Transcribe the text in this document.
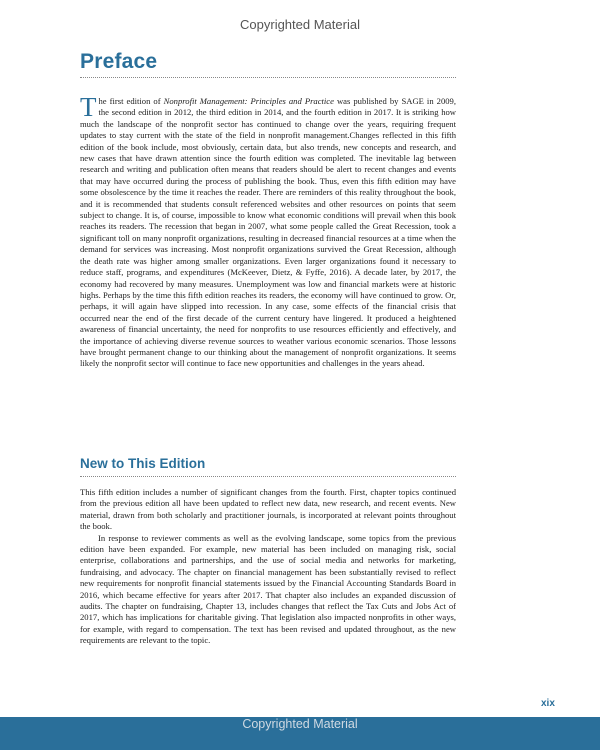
Copyrighted Material
Preface
The first edition of Nonprofit Management: Principles and Practice was published by SAGE in 2009, the second edition in 2012, the third edition in 2014, and the fourth edition in 2017. It is striking how much the landscape of the nonprofit sector has continued to change over the years, requiring frequent updates to stay current with the state of the field in nonprofit management.Changes reflected in this fifth edition of the book include, most obviously, certain data, but also trends, new concepts and research, and new cases that have drawn attention since the fourth edition was completed. The inevitable lag between research and writing and publication often means that readers should be alert to recent changes and events that may have occurred during the process of publishing the book. Thus, even this fifth edition may have some obsolescence by the time it reaches the reader. There are reminders of this reality throughout the book, and it is recommended that students consult referenced websites and other resources on points that seem subject to change. It is, of course, impossible to know what economic conditions will prevail when this book reaches its readers. The recession that began in 2007, what some people called the Great Recession, took a significant toll on many nonprofit organizations, resulting in decreased financial resources at a time when the demand for services was increasing. Most nonprofit organizations survived the Great Recession, although the death rate was higher among smaller organizations. Even larger organizations found it necessary to reduce staff, programs, and expenditures (McKeever, Dietz, & Fyffe, 2016). A decade later, by 2017, the economy had recovered by many measures. Unemployment was low and financial markets were at historic highs. Perhaps by the time this fifth edition reaches its readers, the economy will have continued to grow. Or, perhaps, it will again have slipped into recession. In any case, some effects of the financial crisis that occurred near the end of the first decade of the current century have lingered. It produced a heightened awareness of financial uncertainty, the need for nonprofits to use resources efficiently and effectively, and the importance of achieving diverse revenue sources to weather various economic scenarios. Those lessons have brought permanent change to our thinking about the management of nonprofit organizations. It seems likely the nonprofit sector will continue to face new opportunities and challenges in the years ahead.
New to This Edition

This fifth edition includes a number of significant changes from the fourth. First, chapter topics continued from the previous edition all have been updated to reflect new data, new research, and recent events. New material, drawn from both scholarly and practitioner journals, is incorporated at relevant points throughout the book.

In response to reviewer comments as well as the evolving landscape, some topics from the previous edition have been expanded. For example, new material has been included on managing risk, social enterprise, collaborations and partnerships, and the use of social media and networks for marketing, fundraising, and advocacy. The chapter on financial management has been substantially revised to reflect new requirements for nonprofit financial statements issued by the Financial Accounting Standards Board in 2016, which became effective for years after 2017. That chapter also includes an expanded discussion of audits. The chapter on fundraising, Chapter 13, includes changes that reflect the Tax Cuts and Jobs Act of 2017, which has implications for charitable giving. That legislation also impacted nonprofits in other ways, for example, with regard to compensation. The text has been revised and updated throughout, as the new requirements are relevant to the topic.

xix
Copyrighted Material
